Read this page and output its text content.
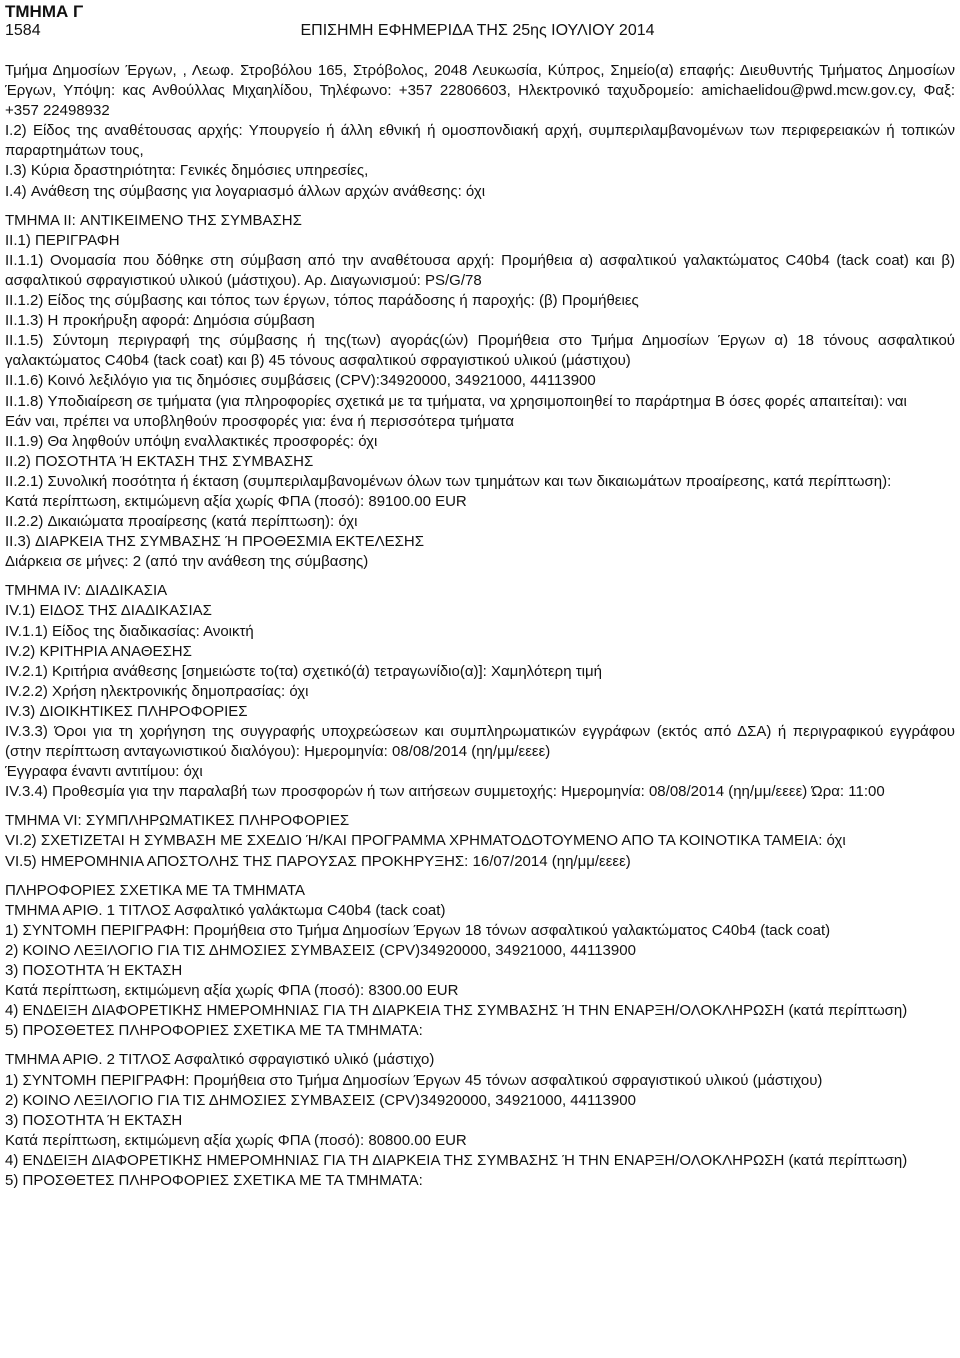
ΤΜΗΜΑ Γ
1584	ΕΠΙΣΗΜΗ ΕΦΗΜΕΡΙΔΑ ΤΗΣ 25ης ΙΟΥΛΙΟΥ 2014

Τμήμα Δημοσίων Έργων, , Λεωφ. Στροβόλου 165, Στρόβολος, 2048 Λευκωσία, Κύπρος, Σημείο(α) επαφής: Διευθυντής Τμήματος Δημοσίων Έργων, Υπόψη: κας Ανθούλλας Μιχαηλίδου, Τηλέφωνο: +357 22806603, Ηλεκτρονικό ταχυδρομείο: amichaelidou@pwd.mcw.gov.cy, Φαξ: +357 22498932

I.2) Είδος της αναθέτουσας αρχής: Υπουργείο ή άλλη εθνική ή ομοσπονδιακή αρχή, συμπεριλαμβανομένων των περιφερειακών ή τοπικών παραρτημάτων τους,

I.3) Κύρια δραστηριότητα: Γενικές δημόσιες υπηρεσίες,

I.4) Ανάθεση της σύμβασης για λογαριασμό άλλων αρχών ανάθεσης: όχι

ΤΜΗΜΑ II: ΑΝΤΙΚΕΙΜΕΝΟ ΤΗΣ ΣΥΜΒΑΣΗΣ

II.1) ΠΕΡΙΓΡΑΦΗ

II.1.1) Ονομασία που δόθηκε στη σύμβαση από την αναθέτουσα αρχή: Προμήθεια α) ασφαλτικού γαλακτώματος C40b4 (tack coat) και β) ασφαλτικού σφραγιστικού υλικού (μάστιχου). Αρ. Διαγωνισμού: PS/G/78

II.1.2) Είδος της σύμβασης και τόπος των έργων, τόπος παράδοσης ή παροχής: (β) Προμήθειες

II.1.3) Η προκήρυξη αφορά: Δημόσια σύμβαση

II.1.5) Σύντομη περιγραφή της σύμβασης ή της(των) αγοράς(ών) Προμήθεια στο Τμήμα Δημοσίων Έργων α) 18 τόνους ασφαλτικού γαλακτώματος C40b4 (tack coat) και β) 45 τόνους ασφαλτικού σφραγιστικού υλικού (μάστιχου)

II.1.6) Κοινό λεξιλόγιο για τις δημόσιες συμβάσεις (CPV):34920000, 34921000, 44113900

II.1.8) Υποδιαίρεση σε τμήματα (για πληροφορίες σχετικά με τα τμήματα, να χρησιμοποιηθεί το παράρτημα Β όσες φορές απαιτείται): ναι

Εάν ναι, πρέπει να υποβληθούν προσφορές για: ένα ή περισσότερα τμήματα

II.1.9) Θα ληφθούν υπόψη εναλλακτικές προσφορές: όχι

II.2) ΠΟΣΟΤΗΤΑ Ή ΕΚΤΑΣΗ ΤΗΣ ΣΥΜΒΑΣΗΣ

II.2.1) Συνολική ποσότητα ή έκταση (συμπεριλαμβανομένων όλων των τμημάτων και των δικαιωμάτων προαίρεσης, κατά περίπτωση):

Κατά περίπτωση, εκτιμώμενη αξία χωρίς ΦΠΑ (ποσό): 89100.00 EUR

II.2.2) Δικαιώματα προαίρεσης (κατά περίπτωση): όχι

II.3) ΔΙΑΡΚΕΙΑ ΤΗΣ ΣΥΜΒΑΣΗΣ Ή ΠΡΟΘΕΣΜΙΑ ΕΚΤΕΛΕΣΗΣ

Διάρκεια σε μήνες: 2 (από την ανάθεση της σύμβασης)

ΤΜΗΜΑ IV: ΔΙΑΔΙΚΑΣΙΑ

IV.1) ΕΙΔΟΣ ΤΗΣ ΔΙΑΔΙΚΑΣΙΑΣ

IV.1.1) Είδος της διαδικασίας: Ανοικτή

IV.2) ΚΡΙΤΗΡΙΑ ΑΝΑΘΕΣΗΣ

IV.2.1) Κριτήρια ανάθεσης [σημειώστε το(τα) σχετικό(ά) τετραγωνίδιο(α)]: Χαμηλότερη τιμή

IV.2.2) Χρήση ηλεκτρονικής δημοπρασίας: όχι

IV.3) ΔΙΟΙΚΗΤΙΚΕΣ ΠΛΗΡΟΦΟΡΙΕΣ

IV.3.3) Όροι για τη χορήγηση της συγγραφής υποχρεώσεων και συμπληρωματικών εγγράφων (εκτός από ΔΣΑ) ή περιγραφικού εγγράφου (στην περίπτωση ανταγωνιστικού διαλόγου): Ημερομηνία: 08/08/2014 (ηη/μμ/εεεε)

Έγγραφα έναντι αντιτίμου: όχι

IV.3.4) Προθεσμία για την παραλαβή των προσφορών ή των αιτήσεων συμμετοχής: Ημερομηνία: 08/08/2014 (ηη/μμ/εεεε) Ώρα: 11:00

ΤΜΗΜΑ VI: ΣΥΜΠΛΗΡΩΜΑΤΙΚΕΣ ΠΛΗΡΟΦΟΡΙΕΣ

VI.2) ΣΧΕΤΙΖΕΤΑΙ Η ΣΥΜΒΑΣΗ ΜΕ ΣΧΕΔΙΟ Ή/ΚΑΙ ΠΡΟΓΡΑΜΜΑ ΧΡΗΜΑΤΟΔΟΤΟΥΜΕΝΟ ΑΠΟ ΤΑ ΚΟΙΝΟΤΙΚΑ ΤΑΜΕΙΑ: όχι

VI.5) ΗΜΕΡΟΜΗΝΙΑ ΑΠΟΣΤΟΛΗΣ ΤΗΣ ΠΑΡΟΥΣΑΣ ΠΡΟΚΗΡΥΞΗΣ: 16/07/2014 (ηη/μμ/εεεε)

ΠΛΗΡΟΦΟΡΙΕΣ ΣΧΕΤΙΚΑ ΜΕ ΤΑ ΤΜΗΜΑΤΑ

ΤΜΗΜΑ ΑΡΙΘ. 1 ΤΙΤΛΟΣ Ασφαλτικό γαλάκτωμα C40b4 (tack coat)

1) ΣΥΝΤΟΜΗ ΠΕΡΙΓΡΑΦΗ: Προμήθεια στο Τμήμα Δημοσίων Έργων 18 τόνων ασφαλτικού γαλακτώματος C40b4 (tack coat)

2) ΚΟΙΝΟ ΛΕΞΙΛΟΓΙΟ ΓΙΑ ΤΙΣ ΔΗΜΟΣΙΕΣ ΣΥΜΒΑΣΕΙΣ (CPV)34920000, 34921000, 44113900

3) ΠΟΣΟΤΗΤΑ Ή ΕΚΤΑΣΗ

Κατά περίπτωση, εκτιμώμενη αξία χωρίς ΦΠΑ (ποσό): 8300.00 EUR

4) ΕΝΔΕΙΞΗ ΔΙΑΦΟΡΕΤΙΚΗΣ ΗΜΕΡΟΜΗΝΙΑΣ ΓΙΑ ΤΗ ΔΙΑΡΚΕΙΑ ΤΗΣ ΣΥΜΒΑΣΗΣ Ή ΤΗΝ ΕΝΑΡΞΗ/ΟΛΟΚΛΗΡΩΣΗ (κατά περίπτωση)

5) ΠΡΟΣΘΕΤΕΣ ΠΛΗΡΟΦΟΡΙΕΣ ΣΧΕΤΙΚΑ ΜΕ ΤΑ ΤΜΗΜΑΤΑ:

ΤΜΗΜΑ ΑΡΙΘ. 2 ΤΙΤΛΟΣ Ασφαλτικό σφραγιστικό υλικό (μάστιχο)

1) ΣΥΝΤΟΜΗ ΠΕΡΙΓΡΑΦΗ: Προμήθεια στο Τμήμα Δημοσίων Έργων 45 τόνων ασφαλτικού σφραγιστικού υλικού (μάστιχου)

2) ΚΟΙΝΟ ΛΕΞΙΛΟΓΙΟ ΓΙΑ ΤΙΣ ΔΗΜΟΣΙΕΣ ΣΥΜΒΑΣΕΙΣ (CPV)34920000, 34921000, 44113900

3) ΠΟΣΟΤΗΤΑ Ή ΕΚΤΑΣΗ

Κατά περίπτωση, εκτιμώμενη αξία χωρίς ΦΠΑ (ποσό): 80800.00 EUR

4) ΕΝΔΕΙΞΗ ΔΙΑΦΟΡΕΤΙΚΗΣ ΗΜΕΡΟΜΗΝΙΑΣ ΓΙΑ ΤΗ ΔΙΑΡΚΕΙΑ ΤΗΣ ΣΥΜΒΑΣΗΣ Ή ΤΗΝ ΕΝΑΡΞΗ/ΟΛΟΚΛΗΡΩΣΗ (κατά περίπτωση)

5) ΠΡΟΣΘΕΤΕΣ ΠΛΗΡΟΦΟΡΙΕΣ ΣΧΕΤΙΚΑ ΜΕ ΤΑ ΤΜΗΜΑΤΑ:
